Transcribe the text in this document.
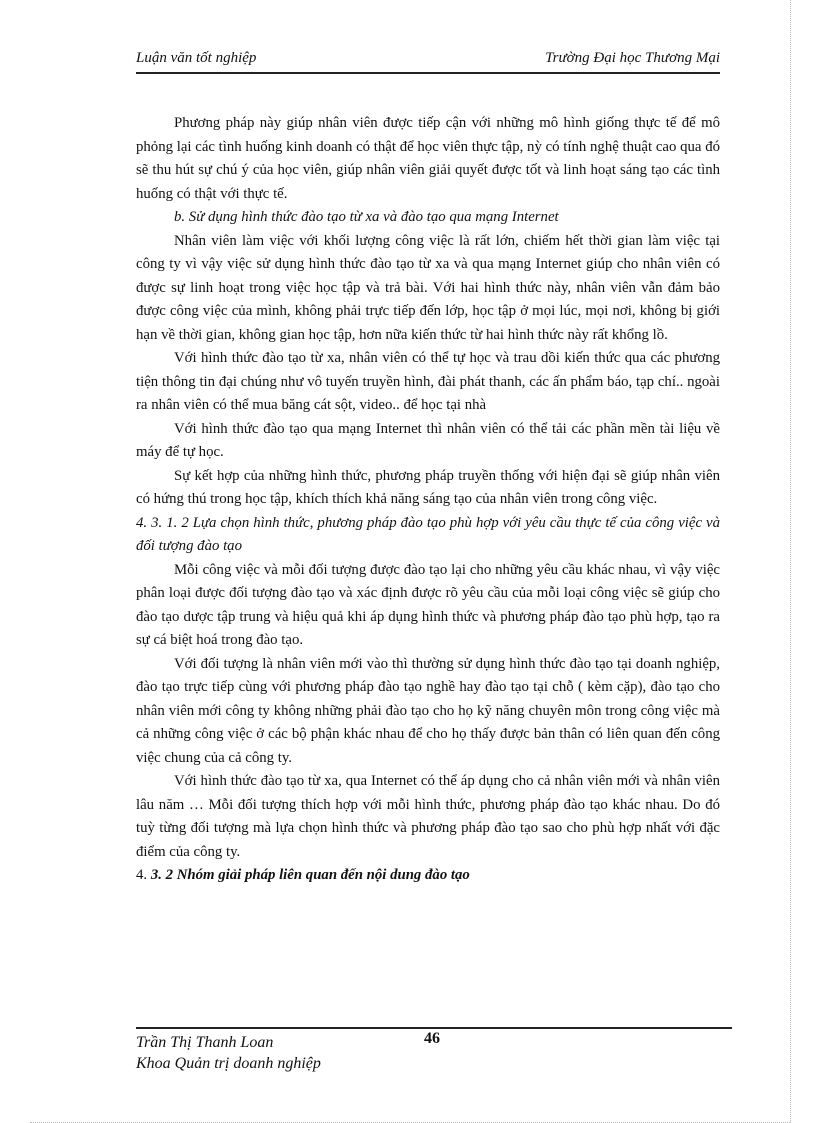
Luận văn tốt nghiệp	Trường Đại học Thương Mại

Phương pháp này giúp nhân viên được tiếp cận với những mô hình giống thực tế để mô phỏng lại các tình huống kinh doanh có thật để học viên thực tập, nỳ có tính nghệ thuật cao qua đó sẽ thu hút sự chú ý của học viên, giúp nhân viên giải quyết được tốt và linh hoạt sáng tạo các tình huống có thật với thực tế.

b. Sử dụng hình thức đào tạo từ xa và đào tạo qua mạng Internet

Nhân viên làm việc với khối lượng công việc là rất lớn, chiếm hết thời gian làm việc tại công ty vì vậy việc sử dụng hình thức đào tạo từ xa và qua mạng Internet giúp cho nhân viên có được sự linh hoạt trong việc học tập và trả bài. Với hai hình thức này, nhân viên vẫn đảm bảo được công việc của mình, không phải trực tiếp đến lớp, học tập ở mọi lúc, mọi nơi, không bị giới hạn về thời gian, không gian học tập, hơn nữa kiến thức từ hai hình thức này rất khổng lồ.

Với hình thức đào tạo từ xa, nhân viên có thể tự học và trau dồi kiến thức qua các phương tiện thông tin đại chúng như vô tuyến truyền hình, đài phát thanh, các ấn phẩm báo, tạp chí.. ngoài ra nhân viên có thể mua băng cát sột, video.. để học tại nhà

Với hình thức đào tạo qua mạng Internet thì nhân viên có thể tải các phần mền tài liệu về máy để tự học.

Sự kết hợp của những hình thức, phương pháp truyền thống với hiện đại sẽ giúp nhân viên có hứng thú trong học tập, khích thích khả năng sáng tạo của nhân viên trong công việc.

4. 3. 1. 2 Lựa chọn hình thức, phương pháp đào tạo phù hợp với yêu cầu thực tế của công việc và đối tượng đào tạo

Mỗi công việc và mỗi đối tượng được đào tạo lại cho những yêu cầu khác nhau, vì vậy việc phân loại được đối tượng đào tạo và xác định được rõ yêu cầu của mỗi loại công việc sẽ giúp cho đào tạo dược tập trung và hiệu quả khi áp dụng hình thức và phương pháp đào tạo phù hợp, tạo ra sự cá biệt hoá trong đào tạo.

Với đối tượng là nhân viên mới vào thì thường sử dụng hình thức đào tạo tại doanh nghiệp, đào tạo trực tiếp cùng với phương pháp đào tạo nghề hay đào tạo tại chỗ ( kèm cặp), đào tạo cho nhân viên mới công ty không những phải đào tạo cho họ kỹ năng chuyên môn trong công việc mà cả những công việc ở các bộ phận khác nhau để cho họ thấy được bản thân có liên quan đến công việc chung của cả công ty.

Với hình thức đào tạo từ xa, qua Internet có thể áp dụng cho cả nhân viên mới và nhân viên lâu năm … Mỗi đối tượng thích hợp với mỗi hình thức, phương pháp đào tạo khác nhau. Do đó tuỳ từng đối tượng mà lựa chọn hình thức và phương pháp đào tạo sao cho phù hợp nhất với đặc điểm của công ty.

4. 3. 2 Nhóm giải pháp liên quan đến nội dung đào tạo

Trần Thị Thanh Loan
Khoa Quản trị doanh nghiệp
46
